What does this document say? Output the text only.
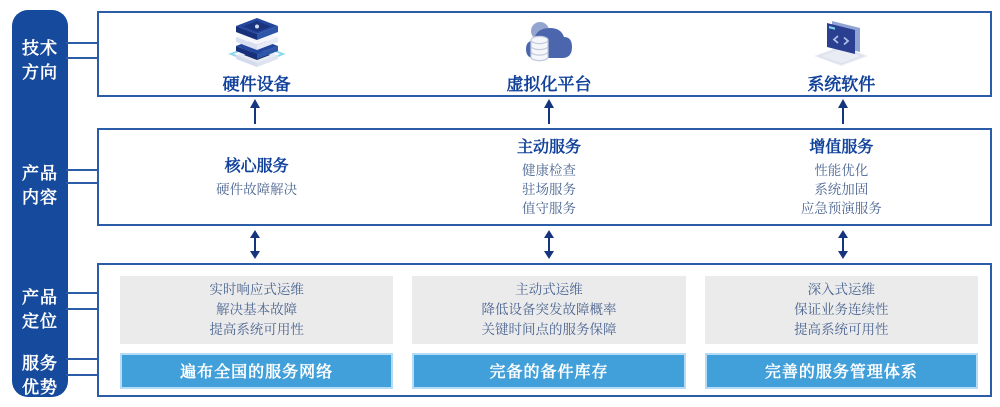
技术
方向
产品
内容
产品
定位
服务
优势
硬件设备	虚拟化平台	系统软件
核心服务
硬件故障解决
主动服务
健康检查
驻场服务
值守服务
增值服务
性能优化
系统加固
应急预演服务
实时响应式运维
解决基本故障
提高系统可用性
遍布全国的服务网络
主动式运维
降低设备突发故障概率
关键时间点的服务保障
完备的备件库存
深入式运维
保证业务连续性
提高系统可用性
完善的服务管理体系
